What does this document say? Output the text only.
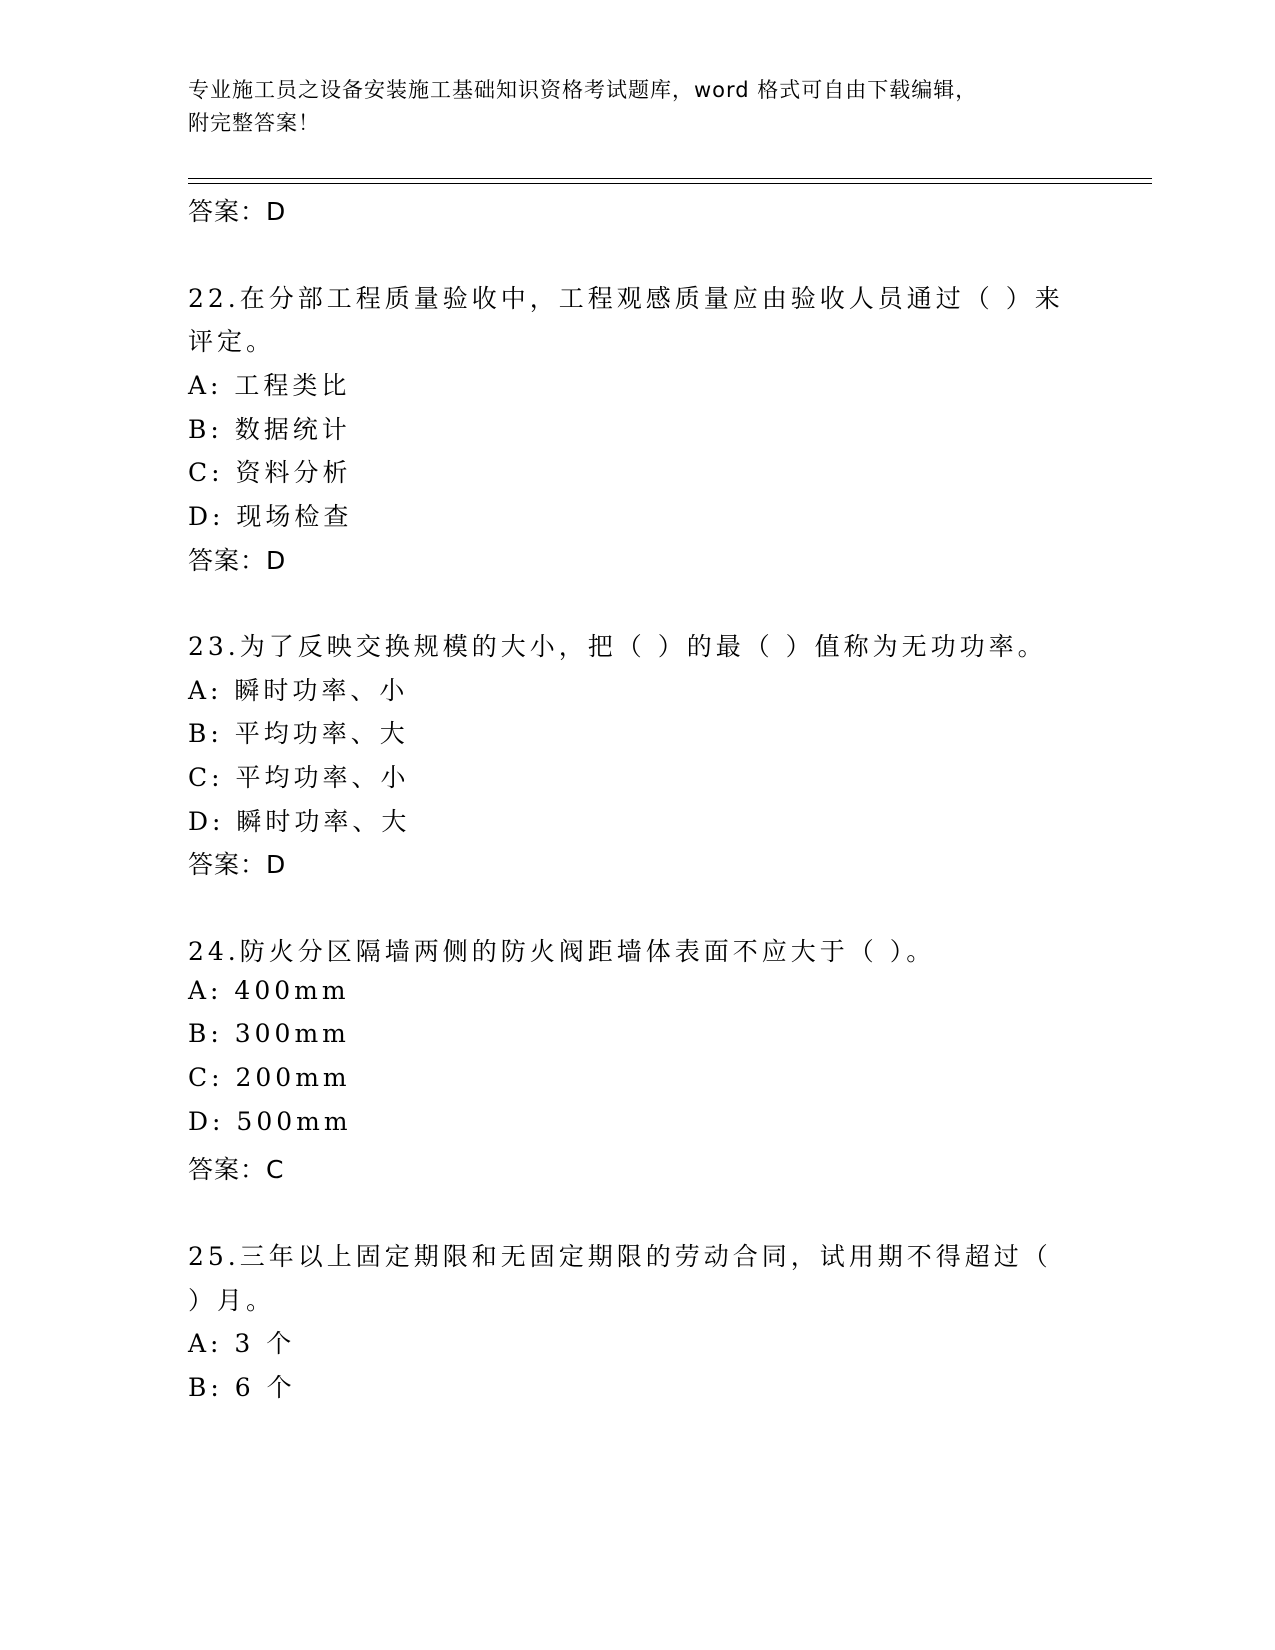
专业施工员之设备安装施工基础知识资格考试题库，word 格式可自由下载编辑，
附完整答案！
答案：D
22.在分部工程质量验收中，工程观感质量应由验收人员通过（ ）来
评定。
A: 工程类比
B: 数据统计
C: 资料分析
D: 现场检查
答案：D
23.为了反映交换规模的大小，把（ ）的最（ ）值称为无功功率。
A: 瞬时功率、小
B: 平均功率、大
C: 平均功率、小
D: 瞬时功率、大
答案：D
24.防火分区隔墙两侧的防火阀距墙体表面不应大于（ ）。
A: 400mm
B: 300mm
C: 200mm
D: 500mm
答案：C
25.三年以上固定期限和无固定期限的劳动合同，试用期不得超过（
）月。
A: 3 个
B: 6 个
